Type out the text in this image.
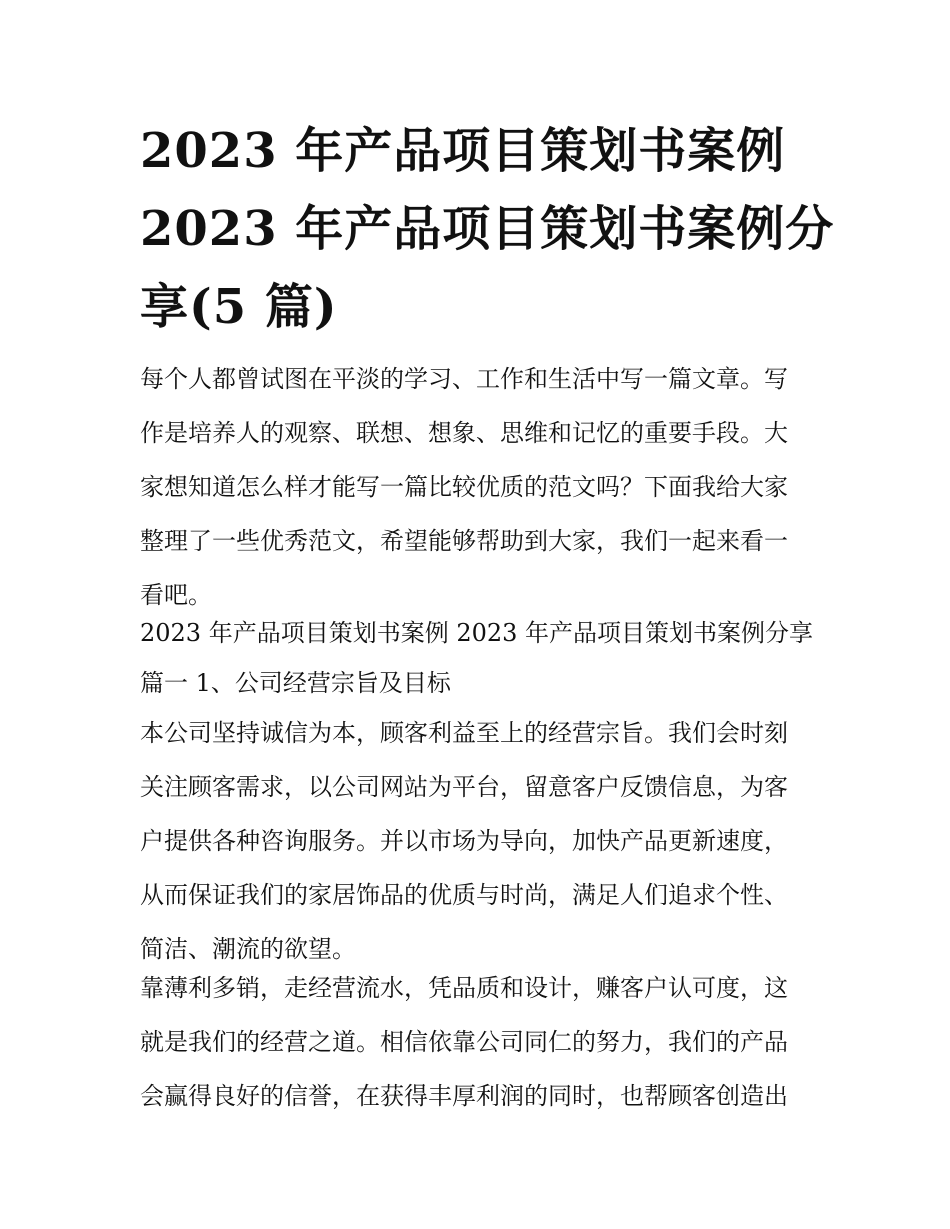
2023 年产品项目策划书案例
2023 年产品项目策划书案例分
享(5 篇)

每个人都曾试图在平淡的学习、工作和生活中写一篇文章。写
作是培养人的观察、联想、想象、思维和记忆的重要手段。大
家想知道怎么样才能写一篇比较优质的范文吗？下面我给大家
整理了一些优秀范文，希望能够帮助到大家，我们一起来看一
看吧。

2023 年产品项目策划书案例 2023 年产品项目策划书案例分享

篇一 1、公司经营宗旨及目标

本公司坚持诚信为本，顾客利益至上的经营宗旨。我们会时刻
关注顾客需求，以公司网站为平台，留意客户反馈信息，为客
户提供各种咨询服务。并以市场为导向，加快产品更新速度，
从而保证我们的家居饰品的优质与时尚，满足人们追求个性、
简洁、潮流的欲望。

靠薄利多销，走经营流水，凭品质和设计，赚客户认可度，这
就是我们的经营之道。相信依靠公司同仁的努力，我们的产品
会赢得良好的信誉，在获得丰厚利润的同时，也帮顾客创造出
